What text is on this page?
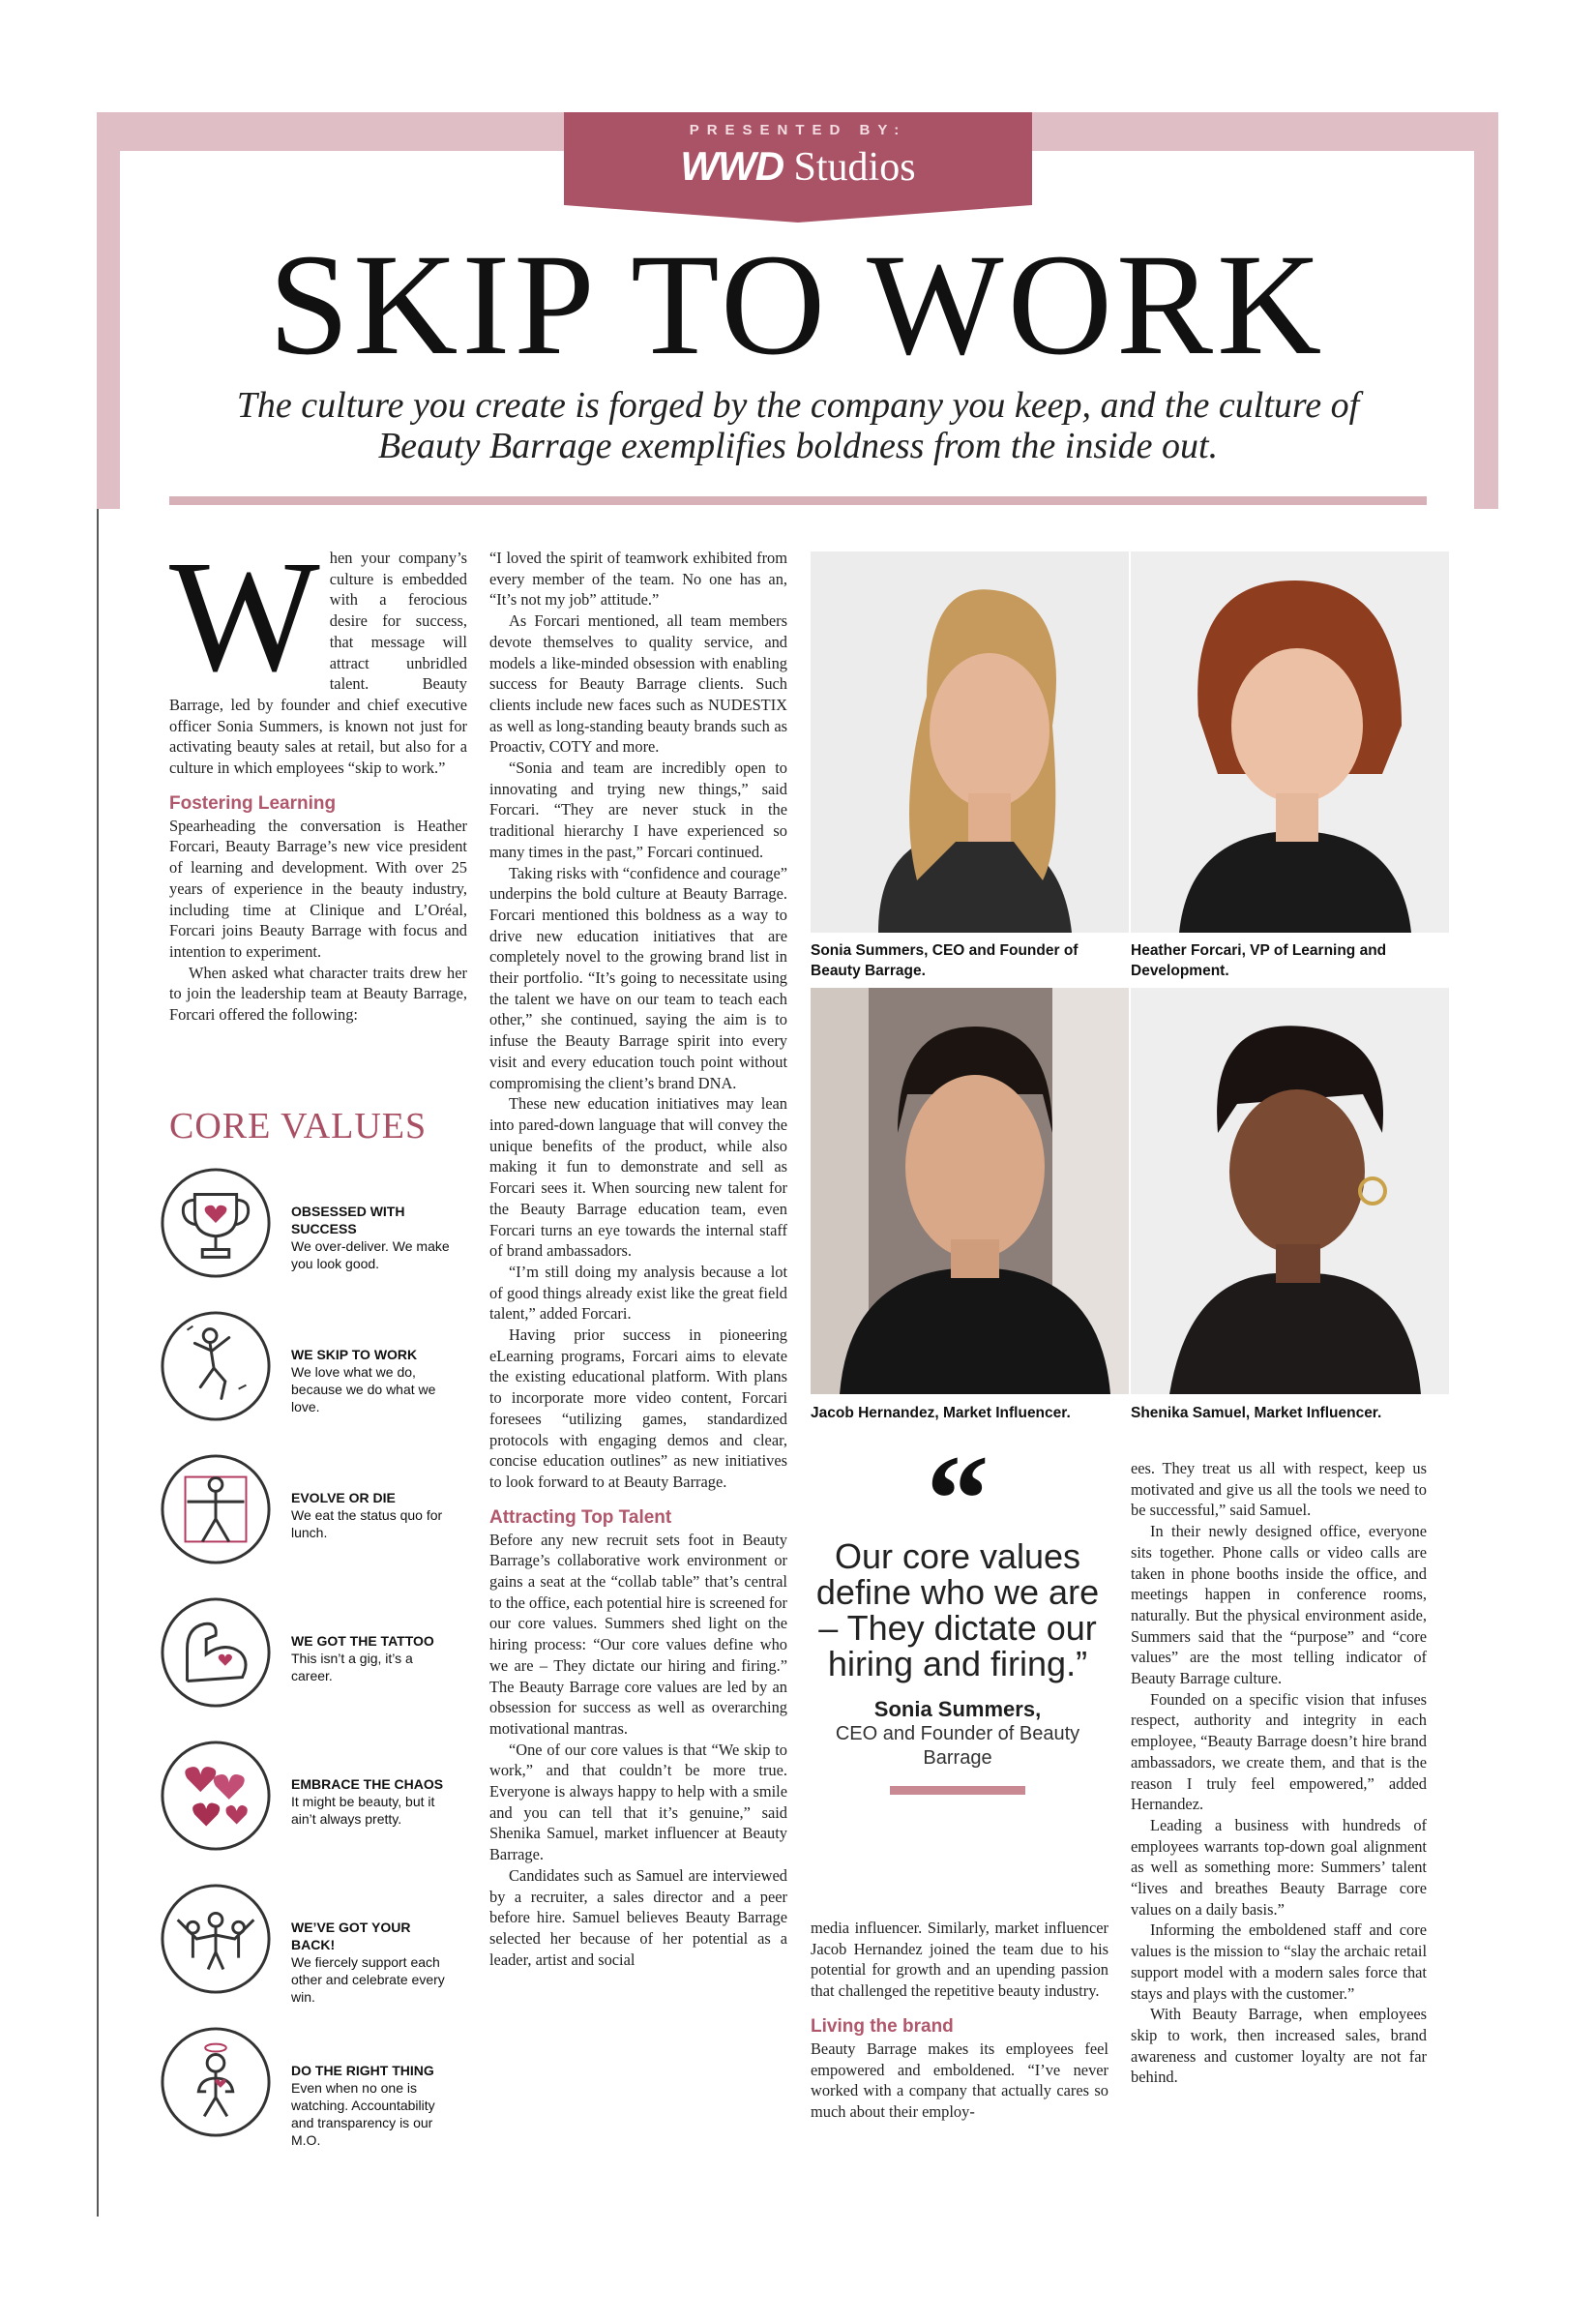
PRESENTED BY:
WWD Studios
SKIP TO WORK
The culture you create is forged by the company you keep, and the culture of Beauty Barrage exemplifies boldness from the inside out.

When your company’s culture is embedded with a ferocious desire for success, that message will attract unbridled talent. Beauty Barrage, led by founder and chief executive officer Sonia Summers, is known not just for activating beauty sales at retail, but also for a culture in which employees “skip to work.”

Fostering Learning

Spearheading the conversation is Heather Forcari, Beauty Barrage’s new vice president of learning and development. With over 25 years of experience in the beauty industry, including time at Clinique and L’Oréal, Forcari joins Beauty Barrage with focus and intention to experiment.

When asked what character traits drew her to join the leadership team at Beauty Barrage, Forcari offered the following:

CORE VALUES
OBSESSED WITH SUCCESS
We over-deliver. We make you look good.
WE SKIP TO WORK
We love what we do, because we do what we love.
EVOLVE OR DIE
We eat the status quo for lunch.
WE GOT THE TATTOO
This isn’t a gig, it’s a career.
EMBRACE THE CHAOS
It might be beauty, but it ain’t always pretty.
WE’VE GOT YOUR BACK!
We fiercely support each other and celebrate every win.
DO THE RIGHT THING
Even when no one is watching. Accountability and transparency is our M.O.

“I loved the spirit of teamwork exhibited from every member of the team. No one has an, “It’s not my job” attitude.”

As Forcari mentioned, all team members devote themselves to quality service, and models a like-minded obsession with enabling success for Beauty Barrage clients. Such clients include new faces such as NUDESTIX as well as long-standing beauty brands such as Proactiv, COTY and more.

“Sonia and team are incredibly open to innovating and trying new things,” said Forcari. “They are never stuck in the traditional hierarchy I have experienced so many times in the past,” Forcari continued.

Taking risks with “confidence and courage” underpins the bold culture at Beauty Barrage. Forcari mentioned this boldness as a way to drive new education initiatives that are completely novel to the growing brand list in their portfolio. “It’s going to necessitate using the talent we have on our team to teach each other,” she continued, saying the aim is to infuse the Beauty Barrage spirit into every visit and every education touch point without compromising the client’s brand DNA.

These new education initiatives may lean into pared-down language that will convey the unique benefits of the product, while also making it fun to demonstrate and sell as Forcari sees it. When sourcing new talent for the Beauty Barrage education team, even Forcari turns an eye towards the internal staff of brand ambassadors.

“I’m still doing my analysis because a lot of good things already exist like the great field talent,” added Forcari.

Having prior success in pioneering eLearning programs, Forcari aims to elevate the existing educational platform. With plans to incorporate more video content, Forcari foresees “utilizing games, standardized protocols with engaging demos and clear, concise education outlines” as new initiatives to look forward to at Beauty Barrage.

Attracting Top Talent

Before any new recruit sets foot in Beauty Barrage’s collaborative work environment or gains a seat at the “collab table” that’s central to the office, each potential hire is screened for our core values. Summers shed light on the hiring process: “Our core values define who we are – They dictate our hiring and firing.” The Beauty Barrage core values are led by an obsession for success as well as overarching motivational mantras.

“One of our core values is that “We skip to work,” and that couldn’t be more true. Everyone is always happy to help with a smile and you can tell that it’s genuine,” said Shenika Samuel, market influencer at Beauty Barrage.

Candidates such as Samuel are interviewed by a recruiter, a sales director and a peer before hire. Samuel believes Beauty Barrage selected her because of her potential as a leader, artist and social

Sonia Summers, CEO and Founder of Beauty Barrage.
Heather Forcari, VP of Learning and Development.
Jacob Hernandez, Market Influencer.	Shenika Samuel, Market Influencer.
“
Our core values define who we are – They dictate our hiring and firing.”
Sonia Summers,
CEO and Founder of Beauty Barrage

media influencer. Similarly, market influencer Jacob Hernandez joined the team due to his potential for growth and an upending passion that challenged the repetitive beauty industry.

Living the brand

Beauty Barrage makes its employees feel empowered and emboldened. “I’ve never worked with a company that actually cares so much about their employ-

ees. They treat us all with respect, keep us motivated and give us all the tools we need to be successful,” said Samuel.

In their newly designed office, everyone sits together. Phone calls or video calls are taken in phone booths inside the office, and meetings happen in conference rooms, naturally. But the physical environment aside, Summers said that the “purpose” and “core values” are the most telling indicator of Beauty Barrage culture.

Founded on a specific vision that infuses respect, authority and integrity in each employee, “Beauty Barrage doesn’t hire brand ambassadors, we create them, and that is the reason I truly feel empowered,” added Hernandez.

Leading a business with hundreds of employees warrants top-down goal alignment as well as something more: Summers’ talent “lives and breathes Beauty Barrage core values on a daily basis.”

Informing the emboldened staff and core values is the mission to “slay the archaic retail support model with a modern sales force that stays and plays with the customer.”

With Beauty Barrage, when employees skip to work, then increased sales, brand awareness and customer loyalty are not far behind.
